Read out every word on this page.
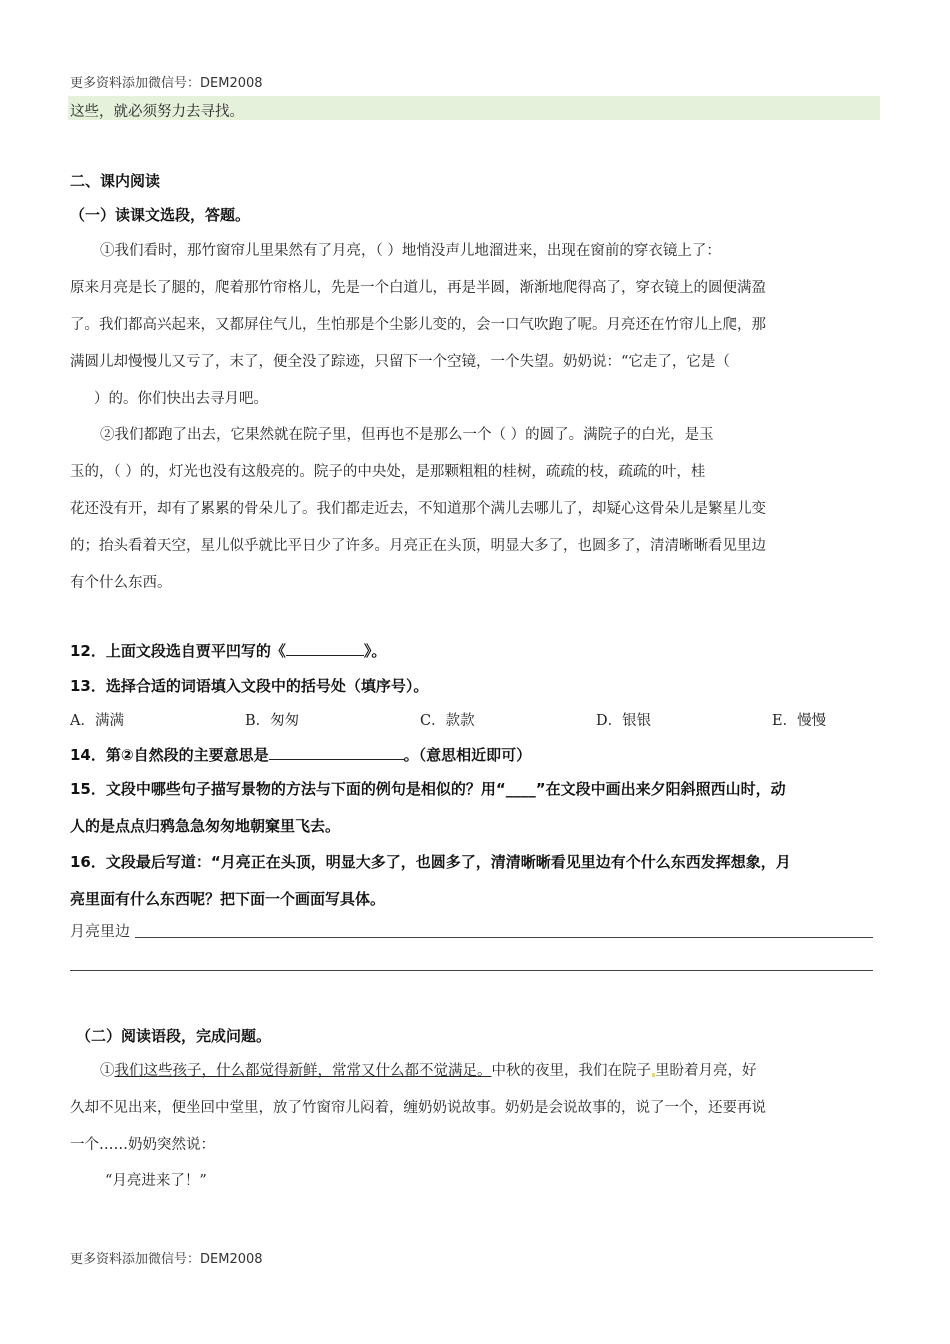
更多资料添加微信号：DEM2008
这些，就必须努力去寻找。
二、课内阅读
（一）读课文选段，答题。
①我们看时，那竹窗帘儿里果然有了月亮，（ ）地悄没声儿地溜进来，出现在窗前的穿衣镜上了：
原来月亮是长了腿的，爬着那竹帘格儿，先是一个白道儿，再是半圆，渐渐地爬得高了，穿衣镜上的圆便满盈
了。我们都高兴起来，又都屏住气儿，生怕那是个尘影儿变的，会一口气吹跑了呢。月亮还在竹帘儿上爬，那
满圆儿却慢慢儿又亏了，末了，便全没了踪迹，只留下一个空镜，一个失望。奶奶说：“它走了，它是（
）的。你们快出去寻月吧。
②我们都跑了出去，它果然就在院子里，但再也不是那么一个（ ）的圆了。满院子的白光，是玉
玉的，（ ）的，灯光也没有这般亮的。院子的中央处，是那颗粗粗的桂树，疏疏的枝，疏疏的叶，桂
花还没有开，却有了累累的骨朵儿了。我们都走近去，不知道那个满儿去哪儿了，却疑心这骨朵儿是繁星儿变
的；抬头看着天空，星儿似乎就比平日少了许多。月亮正在头顶，明显大多了，也圆多了，清清晰晰看见里边
有个什么东西。
12．上面文段选自贾平凹写的《	》。
13．选择合适的词语填入文段中的括号处（填序号）。
A．满满	B．匆匆	C．款款	D．银银	E．慢慢
14．第②自然段的主要意思是	。（意思相近即可）
15．文段中哪些句子描写景物的方法与下面的例句是相似的？用“____”在文段中画出来夕阳斜照西山时，动
人的是点点归鸦急急匆匆地朝窠里飞去。
16．文段最后写道：“月亮正在头顶，明显大多了，也圆多了，清清晰晰看见里边有个什么东西发挥想象，月
亮里面有什么东西呢？把下面一个画面写具体。
月亮里边
（二）阅读语段，完成问题。
①我们这些孩子，什么都觉得新鲜，常常又什么都不觉满足。中秋的夜里，我们在院子 里盼着月亮，好
久却不见出来，便坐回中堂里，放了竹窗帘儿闷着，缠奶奶说故事。奶奶是会说故事的，说了一个，还要再说
一个……奶奶突然说：
“月亮进来了！”
更多资料添加微信号：DEM2008
